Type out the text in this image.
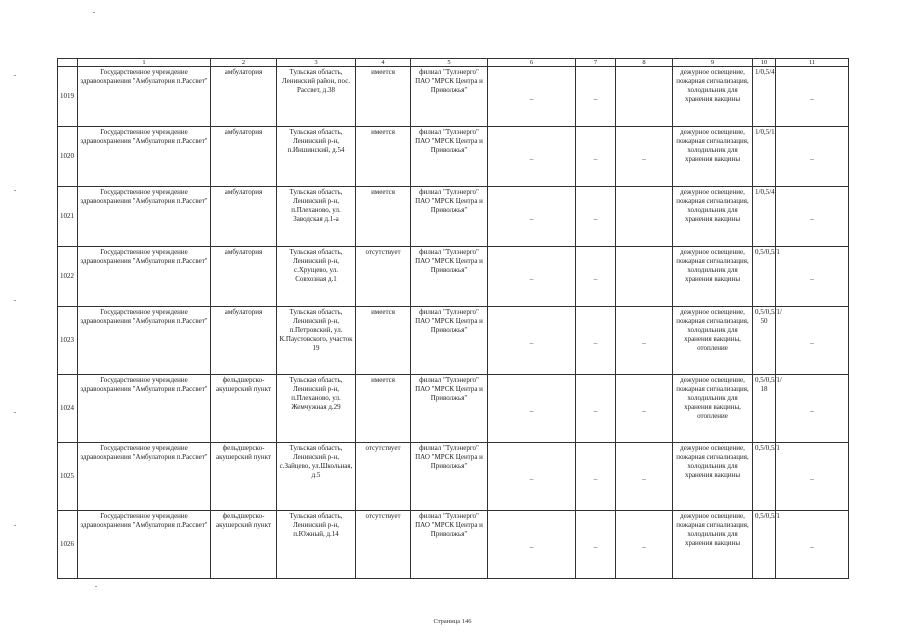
	1	2	3	4	5	6	7	8	9	10	11
1019	Государственное учреждение здравоохранения "Амбулатория п.Рассвет"	амбулатория	Тульская область, Ленинский район, пос. Рассвет, д.38	имеется	филиал "Тулэнерго" ПАО "МРСК Центра и Приволжья"	–	–		дежурное освещение, пожарная сигнализация, холодильник для хранения вакцины	1/0,5/4	–
1020	Государственное учреждение здравоохранения "Амбулатория п.Рассвет"	амбулатория	Тульская область, Ленинский р-н, п.Иншинский, д.54	имеется	филиал "Тулэнерго" ПАО "МРСК Центра и Приволжья"	–	–	–	дежурное освещение, пожарная сигнализация, холодильник для хранения вакцины	1/0,5/1	–
1021	Государственное учреждение здравоохранения "Амбулатория п.Рассвет"	амбулатория	Тульская область, Ленинский р-н, п.Плеханово, ул. Заводская д.1-а	имеется	филиал "Тулэнерго" ПАО "МРСК Центра и Приволжья"	–	–		дежурное освещение, пожарная сигнализация, холодильник для хранения вакцины	1/0,5/4	–
1022	Государственное учреждение здравоохранения "Амбулатория п.Рассвет"	амбулатория	Тульская область, Ленинский р-н, с.Хрущево, ул. Совхозная д.1	отсутствует	филиал "Тулэнерго" ПАО "МРСК Центра и Приволжья"	–	–		дежурное освещение, пожарная сигнализация, холодильник для хранения вакцины	0,5/0,5/1	–
1023	Государственное учреждение здравоохранения "Амбулатория п.Рассвет"	амбулатория	Тульская область, Ленинский р-н, п.Петровский, ул. К.Паустовского, участок 19	имеется	филиал "Тулэнерго" ПАО "МРСК Центра и Приволжья"	–	–	–	дежурное освещение, пожарная сигнализация, холодильник для хранения вакцины, отопление	0,5/0,5/1/ 50	–
1024	Государственное учреждение здравоохранения "Амбулатория п.Рассвет"	фельдшерско-акушерский пункт	Тульская область, Ленинский р-н, п.Плеханово, ул. Жемчужная д.29	имеется	филиал "Тулэнерго" ПАО "МРСК Центра и Приволжья"	–	–	–	дежурное освещение, пожарная сигнализация, холодильник для хранения вакцины, отопление	0,5/0,5/1/ 18	–
1025	Государственное учреждение здравоохранения "Амбулатория п.Рассвет"	фельдшерско-акушерский пункт	Тульская область, Ленинский р-н, с.Зайцево, ул.Школьная, д.5	отсутствует	филиал "Тулэнерго" ПАО "МРСК Центра и Приволжья"	–	–	–	дежурное освещение, пожарная сигнализация, холодильник для хранения вакцины	0,5/0,5/1	–
1026	Государственное учреждение здравоохранения "Амбулатория п.Рассвет"	фельдшерско-акушерский пункт	Тульская область, Ленинский р-н, п.Южный, д.14	отсутствует	филиал "Тулэнерго" ПАО "МРСК Центра и Приволжья"	–	–	–	дежурное освещение, пожарная сигнализация, холодильник для хранения вакцины	0,5/0,5/1	–
Страница 146
